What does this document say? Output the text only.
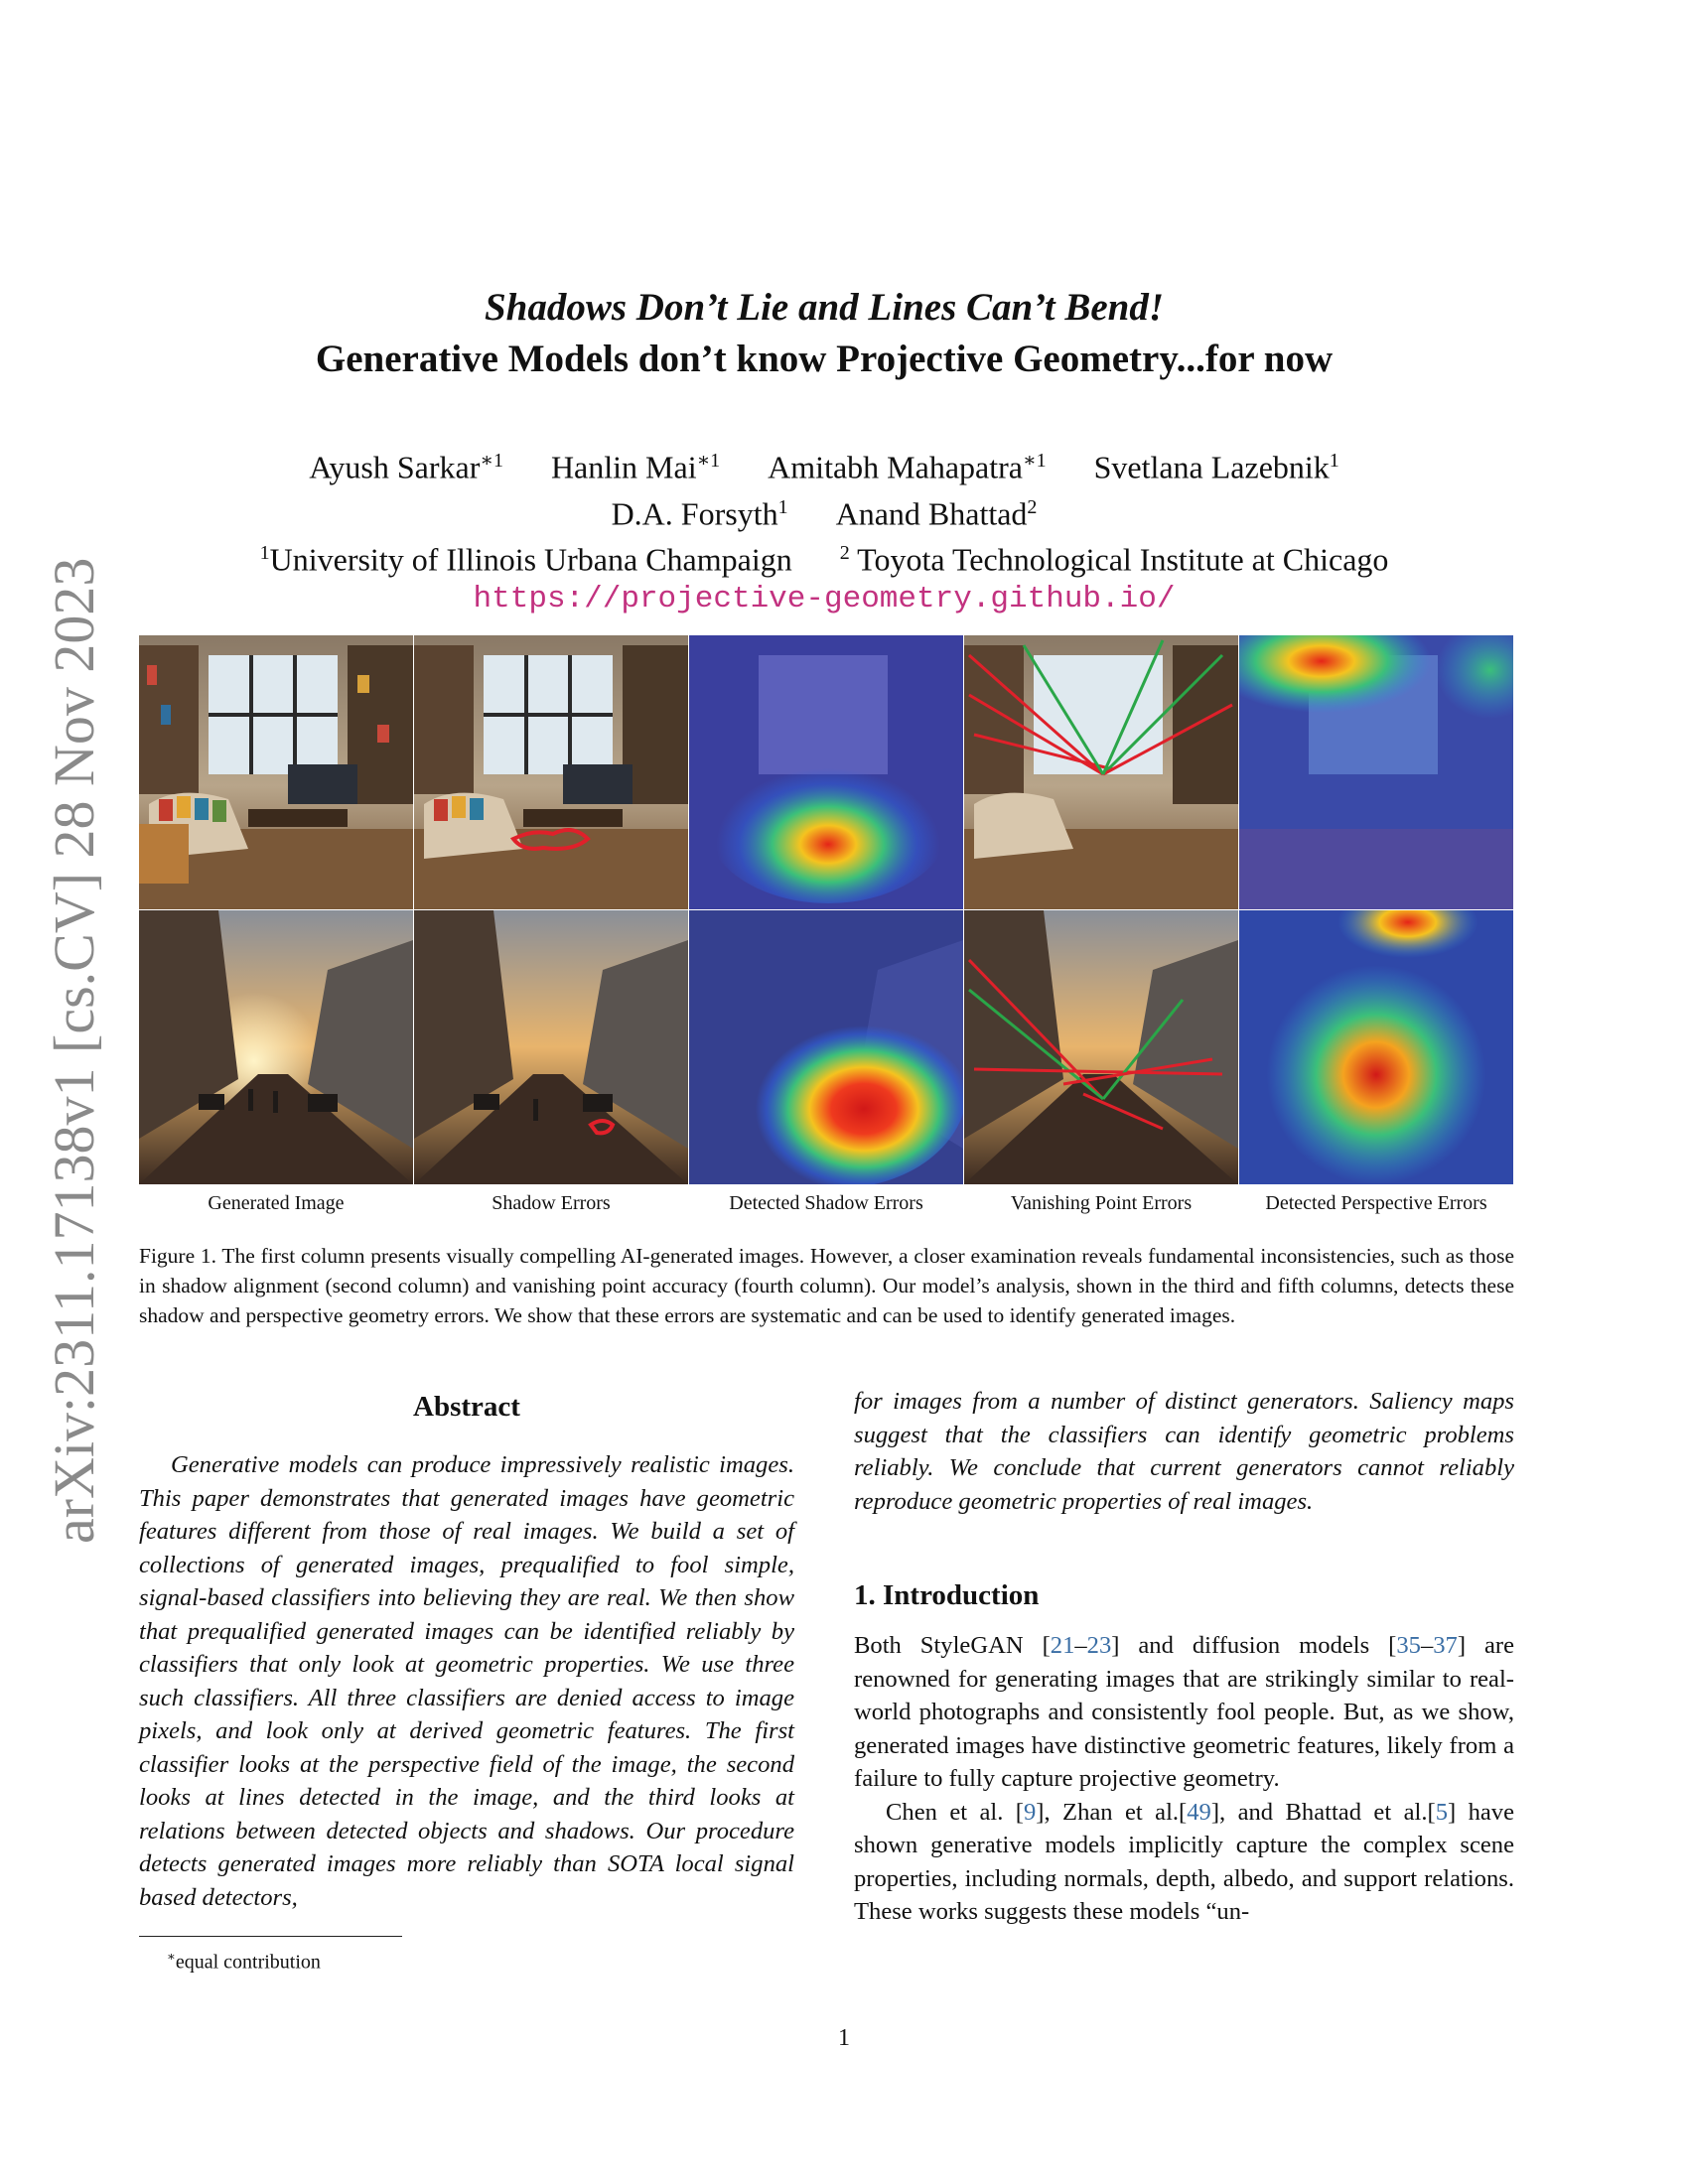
arXiv:2311.17138v1 [cs.CV] 28 Nov 2023
Shadows Don’t Lie and Lines Can’t Bend!
Generative Models don’t know Projective Geometry...for now
Ayush Sarkar$^{∗1}$ Hanlin Mai$^{∗1}$ Amitabh Mahapatra$^{∗1}$ Svetlana Lazebnik$^1$
D.A. Forsyth$^1$ Anand Bhattad$^2$
$^1$University of Illinois Urbana Champaign $^2$ Toyota Technological Institute at Chicago
https://projective-geometry.github.io/
Generated Image	Shadow Errors	Detected Shadow Errors	Vanishing Point Errors	Detected Perspective Errors
Figure 1. The first column presents visually compelling AI-generated images. However, a closer examination reveals fundamental inconsistencies, such as those in shadow alignment (second column) and vanishing point accuracy (fourth column). Our model’s analysis, shown in the third and fifth columns, detects these shadow and perspective geometry errors. We show that these errors are systematic and can be used to identify generated images.
Abstract

Generative models can produce impressively realistic images. This paper demonstrates that generated images have geometric features different from those of real images. We build a set of collections of generated images, prequalified to fool simple, signal-based classifiers into believing they are real. We then show that prequalified generated images can be identified reliably by classifiers that only look at geometric properties. We use three such classifiers. All three classifiers are denied access to image pixels, and look only at derived geometric features. The first classifier looks at the perspective field of the image, the second looks at lines detected in the image, and the third looks at relations between detected objects and shadows. Our procedure detects generated images more reliably than SOTA local signal based detectors,

for images from a number of distinct generators. Saliency maps suggest that the classifiers can identify geometric problems reliably. We conclude that current generators cannot reliably reproduce geometric properties of real images.

1. Introduction

Both StyleGAN [21–23] and diffusion models [35–37] are renowned for generating images that are strikingly similar to real-world photographs and consistently fool people. But, as we show, generated images have distinctive geometric features, likely from a failure to fully capture projective geometry.

Chen et al. [9], Zhan et al.[49], and Bhattad et al.[5] have shown generative models implicitly capture the complex scene properties, including normals, depth, albedo, and support relations. These works suggests these models “un-

∗equal contribution
1
